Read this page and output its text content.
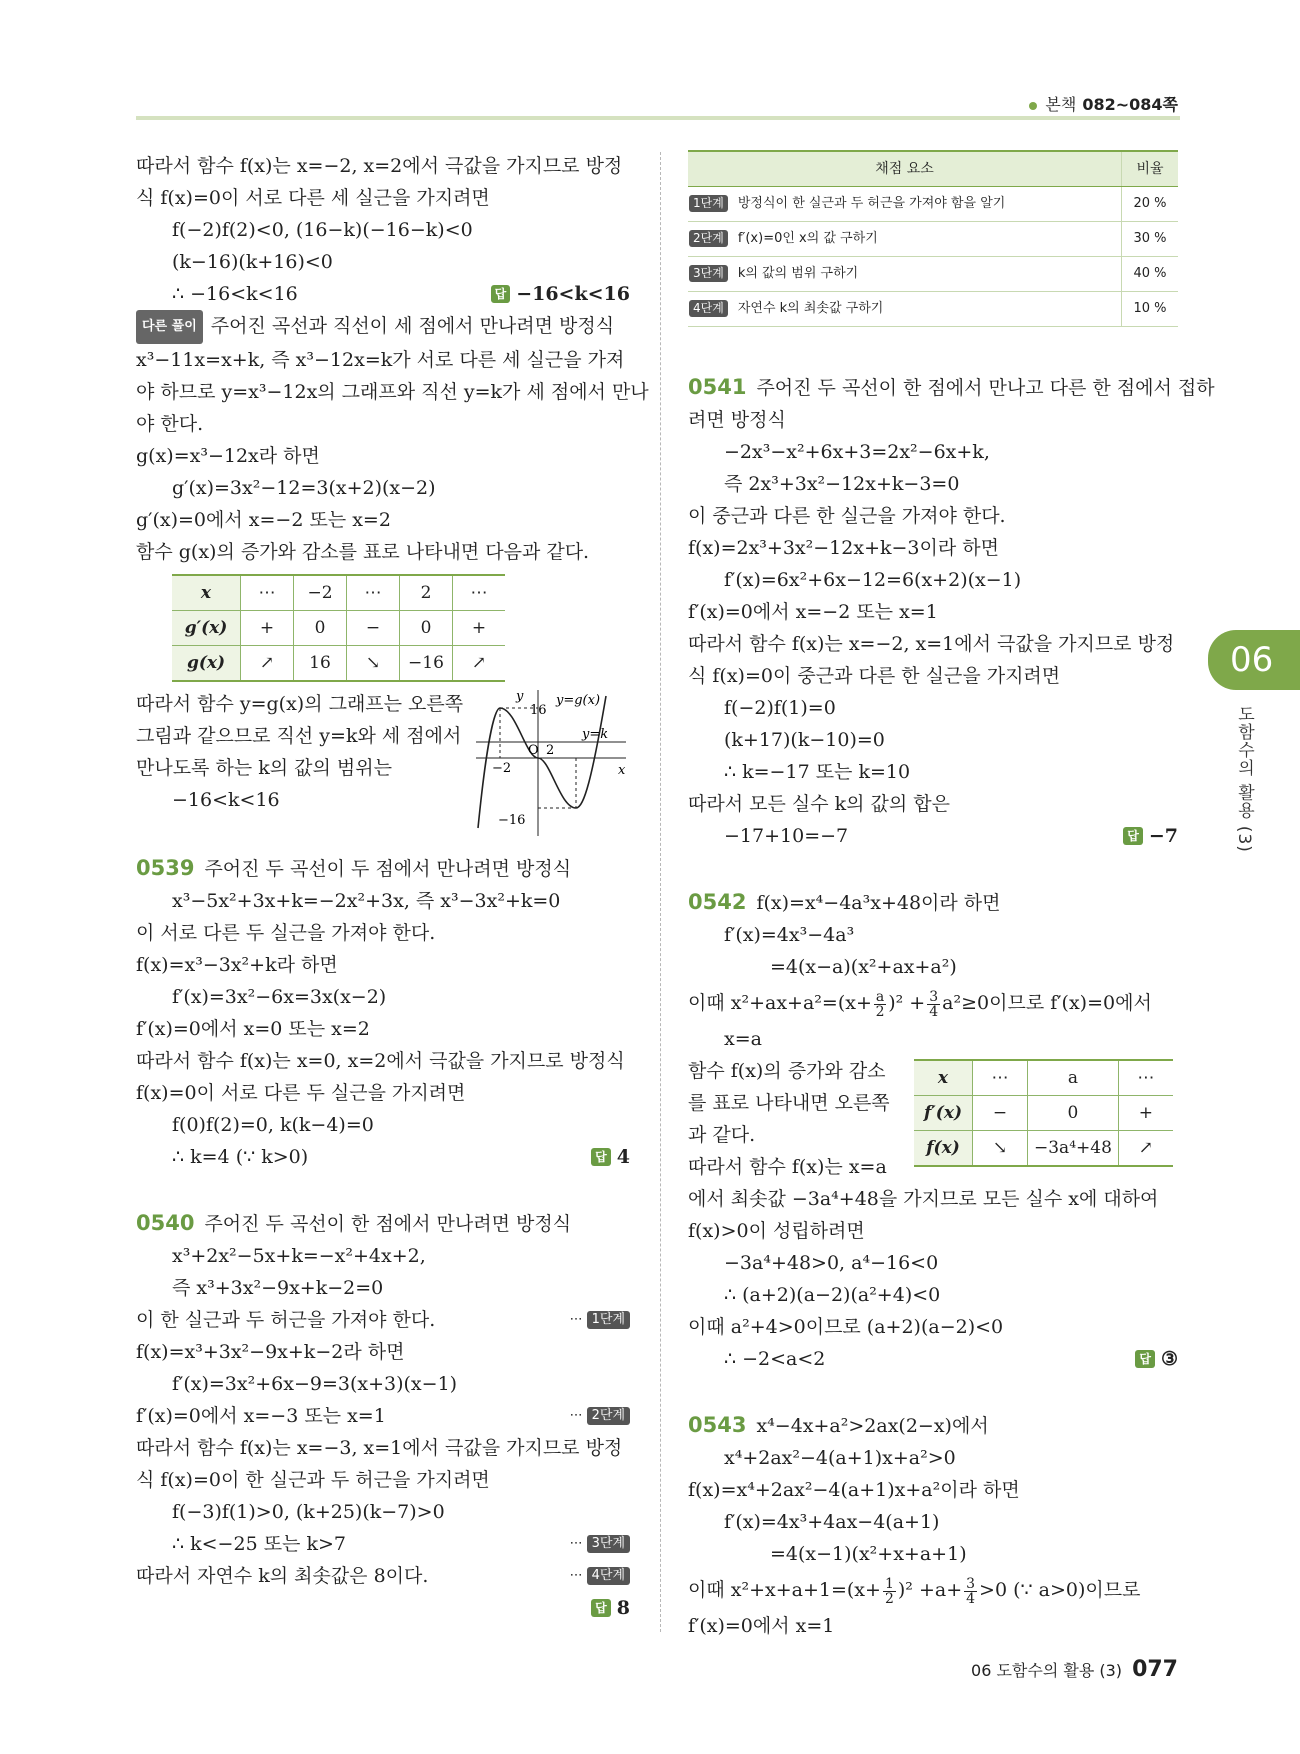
본책 082~084쪽
따라서 함수 f(x)는 x=−2, x=2에서 극값을 가지므로 방정
식 f(x)=0이 서로 다른 세 실근을 가지려면
f(−2)f(2)<0, (16−k)(−16−k)<0
(k−16)(k+16)<0
∴ −16<k<16	답 −16<k<16
다른 풀이 주어진 곡선과 직선이 세 점에서 만나려면 방정식
x³−11x=x+k, 즉 x³−12x=k가 서로 다른 세 실근을 가져
야 하므로 y=x³−12x의 그래프와 직선 y=k가 세 점에서 만나
야 한다.
g(x)=x³−12x라 하면
g′(x)=3x²−12=3(x+2)(x−2)
g′(x)=0에서 x=−2 또는 x=2
함수 g(x)의 증가와 감소를 표로 나타내면 다음과 같다.
x	⋯	−2	⋯	2	⋯
g′(x)	+	0	−	0	+
g(x)	↗	16	↘	−16	↗
따라서 함수 y=g(x)의 그래프는 오른쪽
그림과 같으므로 직선 y=k와 세 점에서
만나도록 하는 k의 값의 범위는
−16<k<16
y
x
y=g(x)
y=k
16
−16
−2
O 2
0539 주어진 두 곡선이 두 점에서 만나려면 방정식
x³−5x²+3x+k=−2x²+3x, 즉 x³−3x²+k=0
이 서로 다른 두 실근을 가져야 한다.
f(x)=x³−3x²+k라 하면
f′(x)=3x²−6x=3x(x−2)
f′(x)=0에서 x=0 또는 x=2
따라서 함수 f(x)는 x=0, x=2에서 극값을 가지므로 방정식
f(x)=0이 서로 다른 두 실근을 가지려면
f(0)f(2)=0, k(k−4)=0
∴ k=4 (∵ k>0)	답 4
0540 주어진 두 곡선이 한 점에서 만나려면 방정식
x³+2x²−5x+k=−x²+4x+2,
즉 x³+3x²−9x+k−2=0
이 한 실근과 두 허근을 가져야 한다.	⋯ 1단계
f(x)=x³+3x²−9x+k−2라 하면
f′(x)=3x²+6x−9=3(x+3)(x−1)
f′(x)=0에서 x=−3 또는 x=1	⋯ 2단계
따라서 함수 f(x)는 x=−3, x=1에서 극값을 가지므로 방정
식 f(x)=0이 한 실근과 두 허근을 가지려면
f(−3)f(1)>0, (k+25)(k−7)>0
∴ k<−25 또는 k>7	⋯ 3단계
따라서 자연수 k의 최솟값은 8이다.	⋯ 4단계
답 8
채점 요소	비율
1단계 방정식이 한 실근과 두 허근을 가져야 함을 알기	20 %
2단계 f′(x)=0인 x의 값 구하기	30 %
3단계 k의 값의 범위 구하기	40 %
4단계 자연수 k의 최솟값 구하기	10 %
0541 주어진 두 곡선이 한 점에서 만나고 다른 한 점에서 접하
려면 방정식
−2x³−x²+6x+3=2x²−6x+k,
즉 2x³+3x²−12x+k−3=0
이 중근과 다른 한 실근을 가져야 한다.
f(x)=2x³+3x²−12x+k−3이라 하면
f′(x)=6x²+6x−12=6(x+2)(x−1)
f′(x)=0에서 x=−2 또는 x=1
따라서 함수 f(x)는 x=−2, x=1에서 극값을 가지므로 방정
식 f(x)=0이 중근과 다른 한 실근을 가지려면
f(−2)f(1)=0
(k+17)(k−10)=0
∴ k=−17 또는 k=10
따라서 모든 실수 k의 값의 합은
−17+10=−7	답 −7
0542 f(x)=x⁴−4a³x+48이라 하면
f′(x)=4x³−4a³
=4(x−a)(x²+ax+a²)
이때 $x^2+ax+a^2=(x+ \frac{a}{2} )^2 + \frac{3}{4} a^2\ge 0$이므로 f′(x)=0에서
x=a
함수 f(x)의 증가와 감소
를 표로 나타내면 오른쪽
과 같다.
따라서 함수 f(x)는 x=a
x	⋯	a	⋯
f′(x)	−	0	+
f(x)	↘	−3a⁴+48	↗
에서 최솟값 −3a⁴+48을 가지므로 모든 실수 x에 대하여
f(x)>0이 성립하려면
−3a⁴+48>0, a⁴−16<0
∴ (a+2)(a−2)(a²+4)<0
이때 a²+4>0이므로 (a+2)(a−2)<0
∴ −2<a<2	답 ③
0543 x⁴−4x+a²>2ax(2−x)에서
x⁴+2ax²−4(a+1)x+a²>0
f(x)=x⁴+2ax²−4(a+1)x+a²이라 하면
f′(x)=4x³+4ax−4(a+1)
=4(x−1)(x²+x+a+1)
이때 $x^2+x+a+1=(x+ \frac{1}{2} )^2 +a+ \frac{3}{4} >0$ (∵ a>0)이므로
f′(x)=0에서 x=1
06
도함수의 활용 (3)
06 도함수의 활용 (3) 077
